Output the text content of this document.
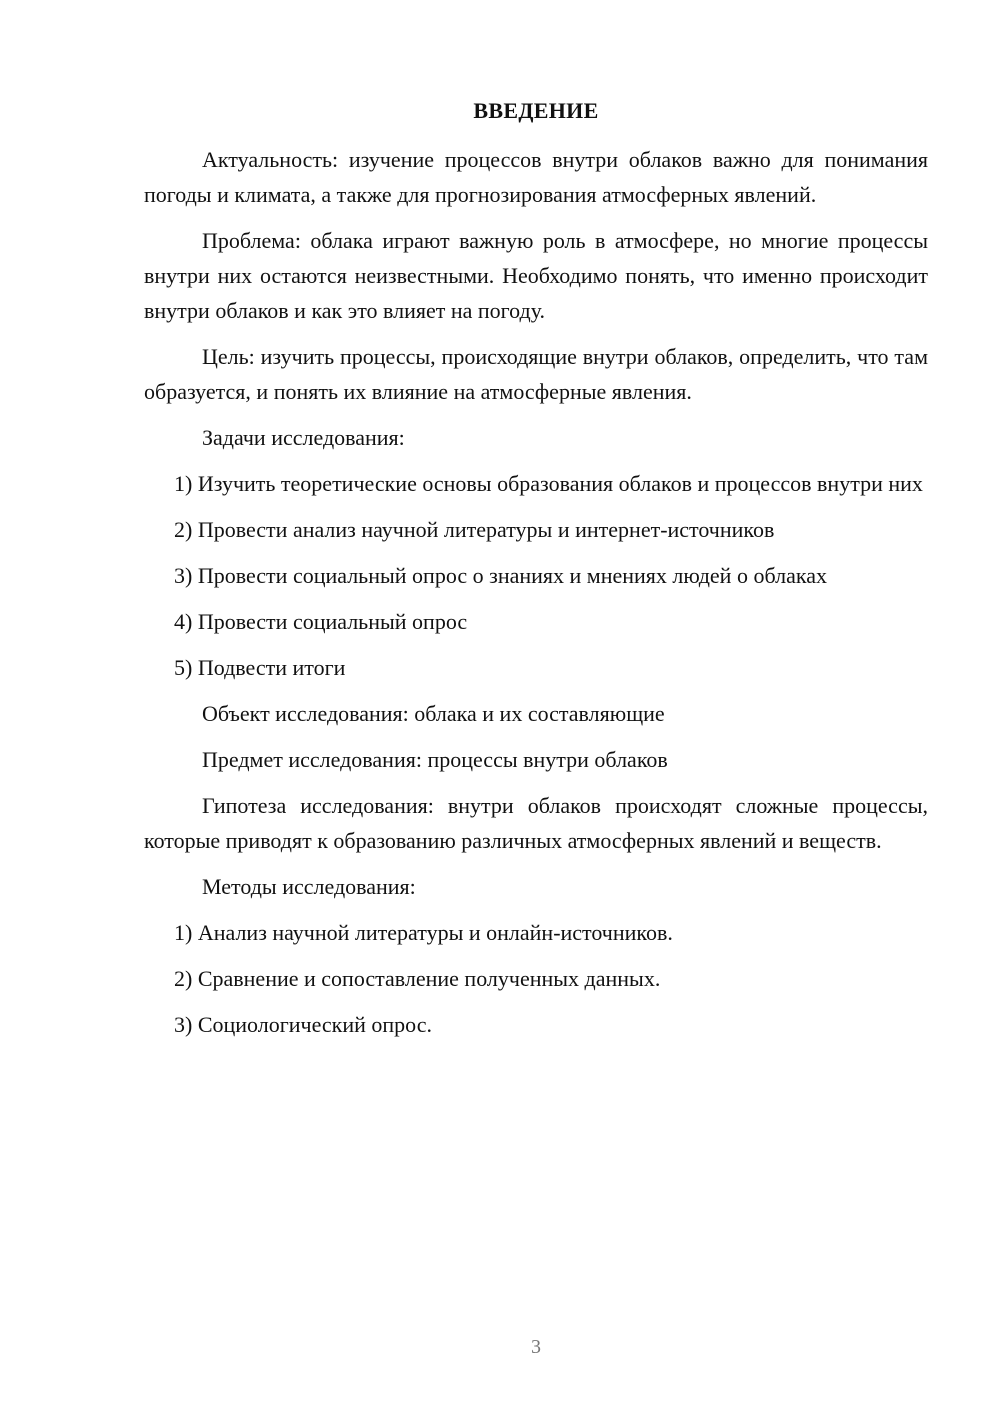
ВВЕДЕНИЕ

Актуальность: изучение процессов внутри облаков важно для понимания погоды и климата, а также для прогнозирования атмосферных явлений.

Проблема: облака играют важную роль в атмосфере, но многие процессы внутри них остаются неизвестными. Необходимо понять, что именно происходит внутри облаков и как это влияет на погоду.

Цель: изучить процессы, происходящие внутри облаков, определить, что там образуется, и понять их влияние на атмосферные явления.

Задачи исследования:

1) Изучить теоретические основы образования облаков и процессов внутри них

2) Провести анализ научной литературы и интернет-источников

3) Провести социальный опрос о знаниях и мнениях людей о облаках

4) Провести социальный опрос

5) Подвести итоги

Объект исследования: облака и их составляющие

Предмет исследования: процессы внутри облаков

Гипотеза исследования: внутри облаков происходят сложные процессы, которые приводят к образованию различных атмосферных явлений и веществ.

Методы исследования:

1) Анализ научной литературы и онлайн-источников.

2) Сравнение и сопоставление полученных данных.

3) Социологический опрос.

3
